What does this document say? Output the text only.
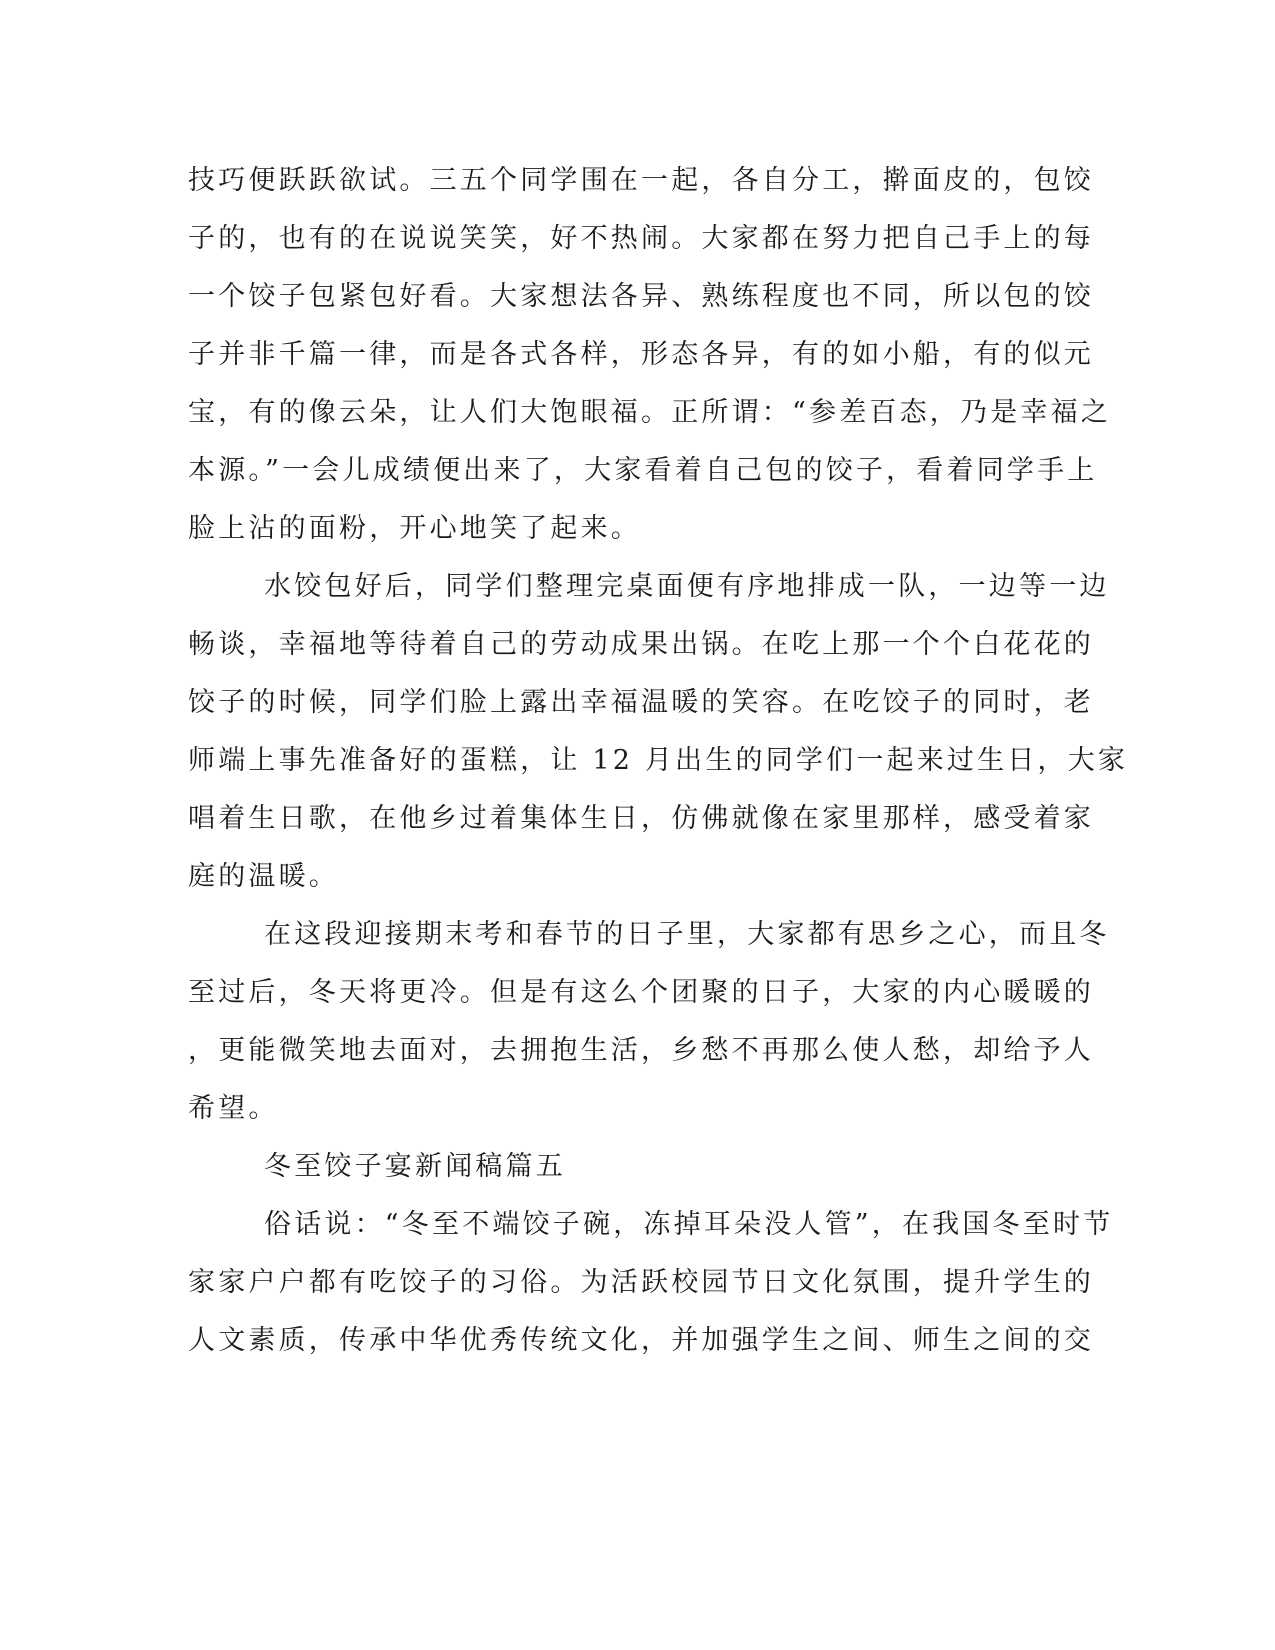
技巧便跃跃欲试。三五个同学围在一起，各自分工，擀面皮的，包饺
子的，也有的在说说笑笑，好不热闹。大家都在努力把自己手上的每
一个饺子包紧包好看。大家想法各异、熟练程度也不同，所以包的饺
子并非千篇一律，而是各式各样，形态各异，有的如小船，有的似元
宝，有的像云朵，让人们大饱眼福。正所谓：“参差百态，乃是幸福之
本源。”一会儿成绩便出来了，大家看着自己包的饺子，看着同学手上
脸上沾的面粉，开心地笑了起来。
水饺包好后，同学们整理完桌面便有序地排成一队，一边等一边
畅谈，幸福地等待着自己的劳动成果出锅。在吃上那一个个白花花的
饺子的时候，同学们脸上露出幸福温暖的笑容。在吃饺子的同时，老
师端上事先准备好的蛋糕，让 12 月出生的同学们一起来过生日，大家
唱着生日歌，在他乡过着集体生日，仿佛就像在家里那样，感受着家
庭的温暖。
在这段迎接期末考和春节的日子里，大家都有思乡之心，而且冬
至过后，冬天将更冷。但是有这么个团聚的日子，大家的内心暖暖的
，更能微笑地去面对，去拥抱生活，乡愁不再那么使人愁，却给予人
希望。
冬至饺子宴新闻稿篇五
俗话说：“冬至不端饺子碗，冻掉耳朵没人管”，在我国冬至时节
家家户户都有吃饺子的习俗。为活跃校园节日文化氛围，提升学生的
人文素质，传承中华优秀传统文化，并加强学生之间、师生之间的交
